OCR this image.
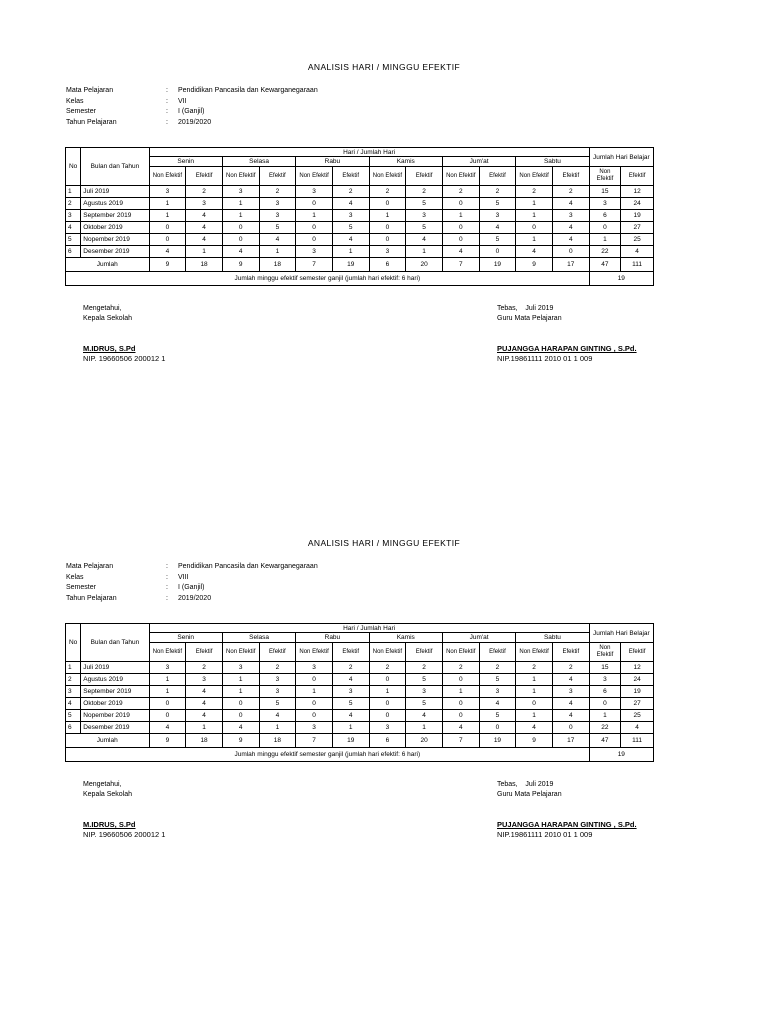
ANALISIS HARI / MINGGU EFEKTIF
Mata Pelajaran	: Pendidikan Pancasila dan Kewarganegaraan
Kelas	: VII
Semester	: I (Ganjil)
Tahun Pelajaran	: 2019/2020
No	Bulan dan Tahun	Hari / Jumlah Hari												Jumlah Hari Belajar	
		Senin		Selasa		Rabu		Kamis		Jum'at		Sabtu			
		Non Efektif	Efektif	Non Efektif	Efektif	Non Efektif	Efektif	Non Efektif	Efektif	Non Efektif	Efektif	Non Efektif	Efektif	Non Efektif	Efektif
1	Juli 2019	3	2	3	2	3	2	2	2	2	2	2	2	15	12
2	Agustus 2019	1	3	1	3	0	4	0	5	0	5	1	4	3	24
3	September 2019	1	4	1	3	1	3	1	3	1	3	1	3	6	19
4	Oktober 2019	0	4	0	5	0	5	0	5	0	4	0	4	0	27
5	Nopember 2019	0	4	0	4	0	4	0	4	0	5	1	4	1	25
6	Desember 2019	4	1	4	1	3	1	3	1	4	0	4	0	22	4
Jumlah		9	18	9	18	7	19	6	20	7	19	9	17	47	111
Jumlah minggu efektif semester ganjil (jumlah hari efektif: 6 hari)														19	
Mengetahui,
Kepala Sekolah
M.IDRUS, S.Pd
NIP. 19660506 200012 1
Tebas,    Juli 2019
Guru Mata Pelajaran
PUJANGGA HARAPAN GINTING , S.Pd.
NIP.19861111 2010 01 1 009
ANALISIS HARI / MINGGU EFEKTIF
Mata Pelajaran	: Pendidikan Pancasila dan Kewarganegaraan
Kelas	: VIII
Semester	: I (Ganjil)
Tahun Pelajaran	: 2019/2020
No	Bulan dan Tahun	Hari / Jumlah Hari												Jumlah Hari Belajar	
		Senin		Selasa		Rabu		Kamis		Jum'at		Sabtu			
		Non Efektif	Efektif	Non Efektif	Efektif	Non Efektif	Efektif	Non Efektif	Efektif	Non Efektif	Efektif	Non Efektif	Efektif	Non Efektif	Efektif
1	Juli 2019	3	2	3	2	3	2	2	2	2	2	2	2	15	12
2	Agustus 2019	1	3	1	3	0	4	0	5	0	5	1	4	3	24
3	September 2019	1	4	1	3	1	3	1	3	1	3	1	3	6	19
4	Oktober 2019	0	4	0	5	0	5	0	5	0	4	0	4	0	27
5	Nopember 2019	0	4	0	4	0	4	0	4	0	5	1	4	1	25
6	Desember 2019	4	1	4	1	3	1	3	1	4	0	4	0	22	4
Jumlah		9	18	9	18	7	19	6	20	7	19	9	17	47	111
Jumlah minggu efektif semester ganjil (jumlah hari efektif: 6 hari)														19	
Mengetahui,
Kepala Sekolah
M.IDRUS, S.Pd
NIP. 19660506 200012 1
Tebas,    Juli 2019
Guru Mata Pelajaran
PUJANGGA HARAPAN GINTING , S.Pd.
NIP.19861111 2010 01 1 009
